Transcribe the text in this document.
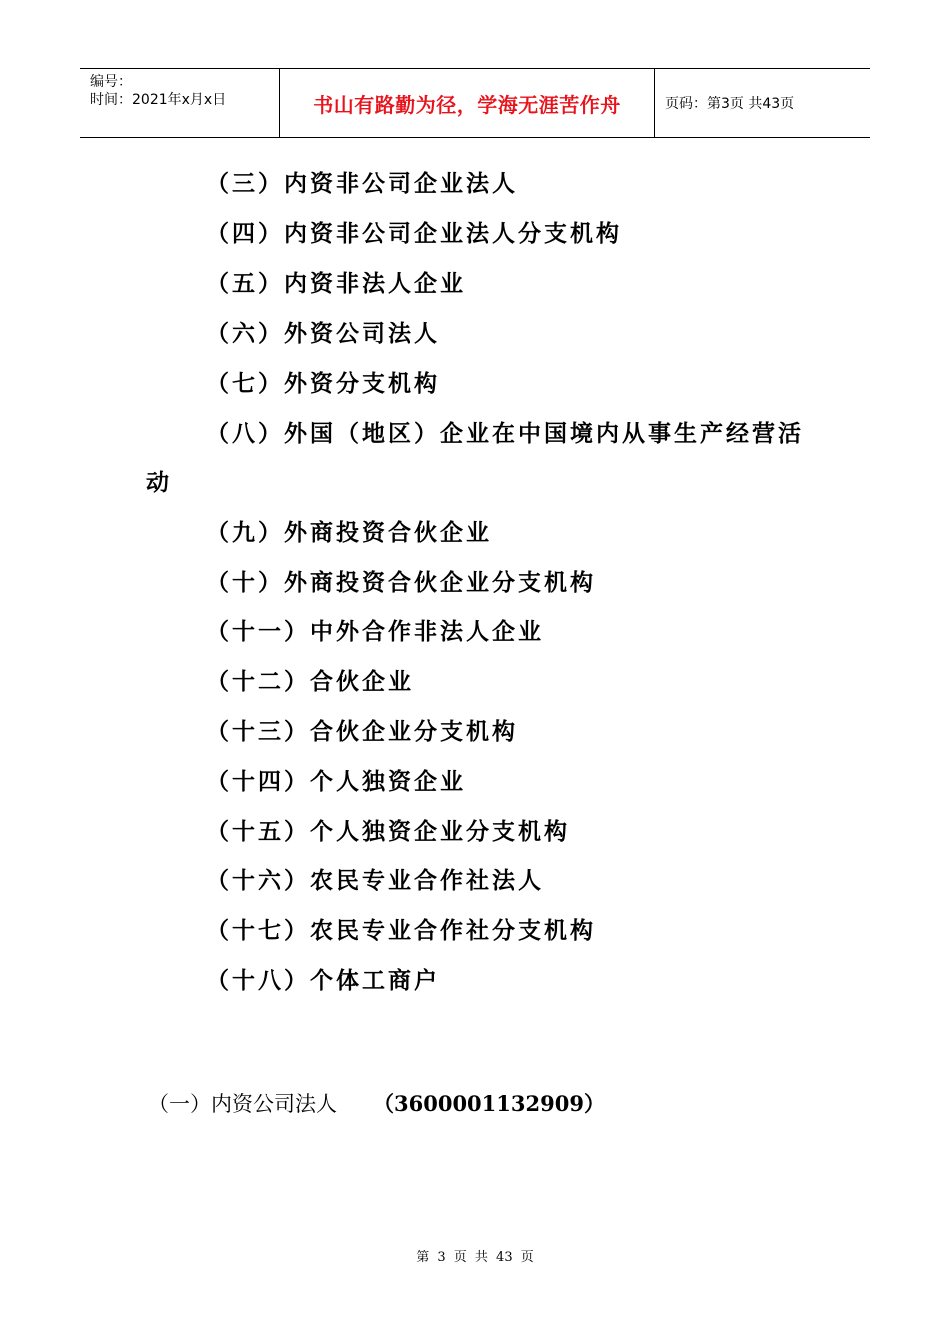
编号：
时间：2021年x月x日	书山有路勤为径，学海无涯苦作舟	页码：第3页 共43页
（三）内资非公司企业法人
（四）内资非公司企业法人分支机构
（五）内资非法人企业
（六）外资公司法人
（七）外资分支机构
（八）外国（地区）企业在中国境内从事生产经营活
动
（九）外商投资合伙企业
（十）外商投资合伙企业分支机构
（十一）中外合作非法人企业
（十二）合伙企业
（十三）合伙企业分支机构
（十四）个人独资企业
（十五）个人独资企业分支机构
（十六）农民专业合作社法人
（十七）农民专业合作社分支机构
（十八）个体工商户
（一）内资公司法人 （3600001132909）
第 3 页 共 43 页
